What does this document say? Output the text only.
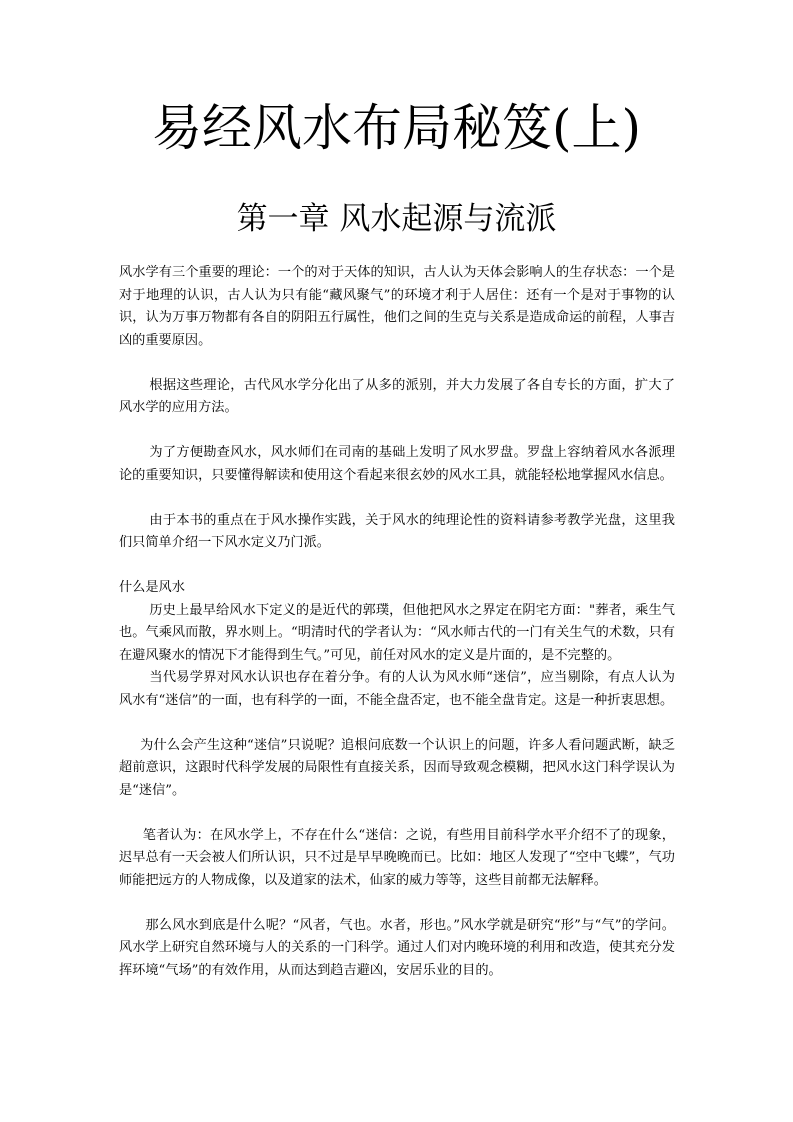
易经风水布局秘笈(上)
第一章 风水起源与流派

风水学有三个重要的理论：一个的对于天体的知识，古人认为天体会影响人的生存状态：一个是对于地理的认识，古人认为只有能“藏风聚气”的环境才利于人居住：还有一个是对于事物的认识，认为万事万物都有各自的阴阳五行属性，他们之间的生克与关系是造成命运的前程，人事吉凶的重要原因。

根据这些理论，古代风水学分化出了从多的派别，并大力发展了各自专长的方面，扩大了风水学的应用方法。

为了方便勘查风水，风水师们在司南的基础上发明了风水罗盘。罗盘上容纳着风水各派理论的重要知识，只要懂得解读和使用这个看起来很玄妙的风水工具，就能轻松地掌握风水信息。

由于本书的重点在于风水操作实践，关于风水的纯理论性的资料请参考教学光盘，这里我们只简单介绍一下风水定义乃门派。

什么是风水

历史上最早给风水下定义的是近代的郭璞，但他把风水之界定在阴宅方面："葬者，乘生气也。气乘风而散，界水则上。“明清时代的学者认为：“风水师古代的一门有关生气的术数，只有在避风聚水的情况下才能得到生气。”可见，前任对风水的定义是片面的，是不完整的。

当代易学界对风水认识也存在着分争。有的人认为风水师“迷信”，应当剔除，有点人认为风水有“迷信”的一面，也有科学的一面，不能全盘否定，也不能全盘肯定。这是一种折衷思想。

为什么会产生这种“迷信”只说呢？追根问底数一个认识上的问题，许多人看问题武断，缺乏超前意识，这跟时代科学发展的局限性有直接关系，因而导致观念模糊，把风水这门科学误认为是“迷信”。

笔者认为：在风水学上，不存在什么“迷信：之说，有些用目前科学水平介绍不了的现象，迟早总有一天会被人们所认识，只不过是早早晚晚而已。比如：地区人发现了“空中飞蝶”，气功师能把远方的人物成像，以及道家的法术，仙家的威力等等，这些目前都无法解释。

那么风水到底是什么呢？“风者，气也。水者，形也。”风水学就是研究“形”与“气”的学问。风水学上研究自然环境与人的关系的一门科学。通过人们对内晚环境的利用和改造，使其充分发挥环境“气场”的有效作用，从而达到趋吉避凶，安居乐业的目的。
